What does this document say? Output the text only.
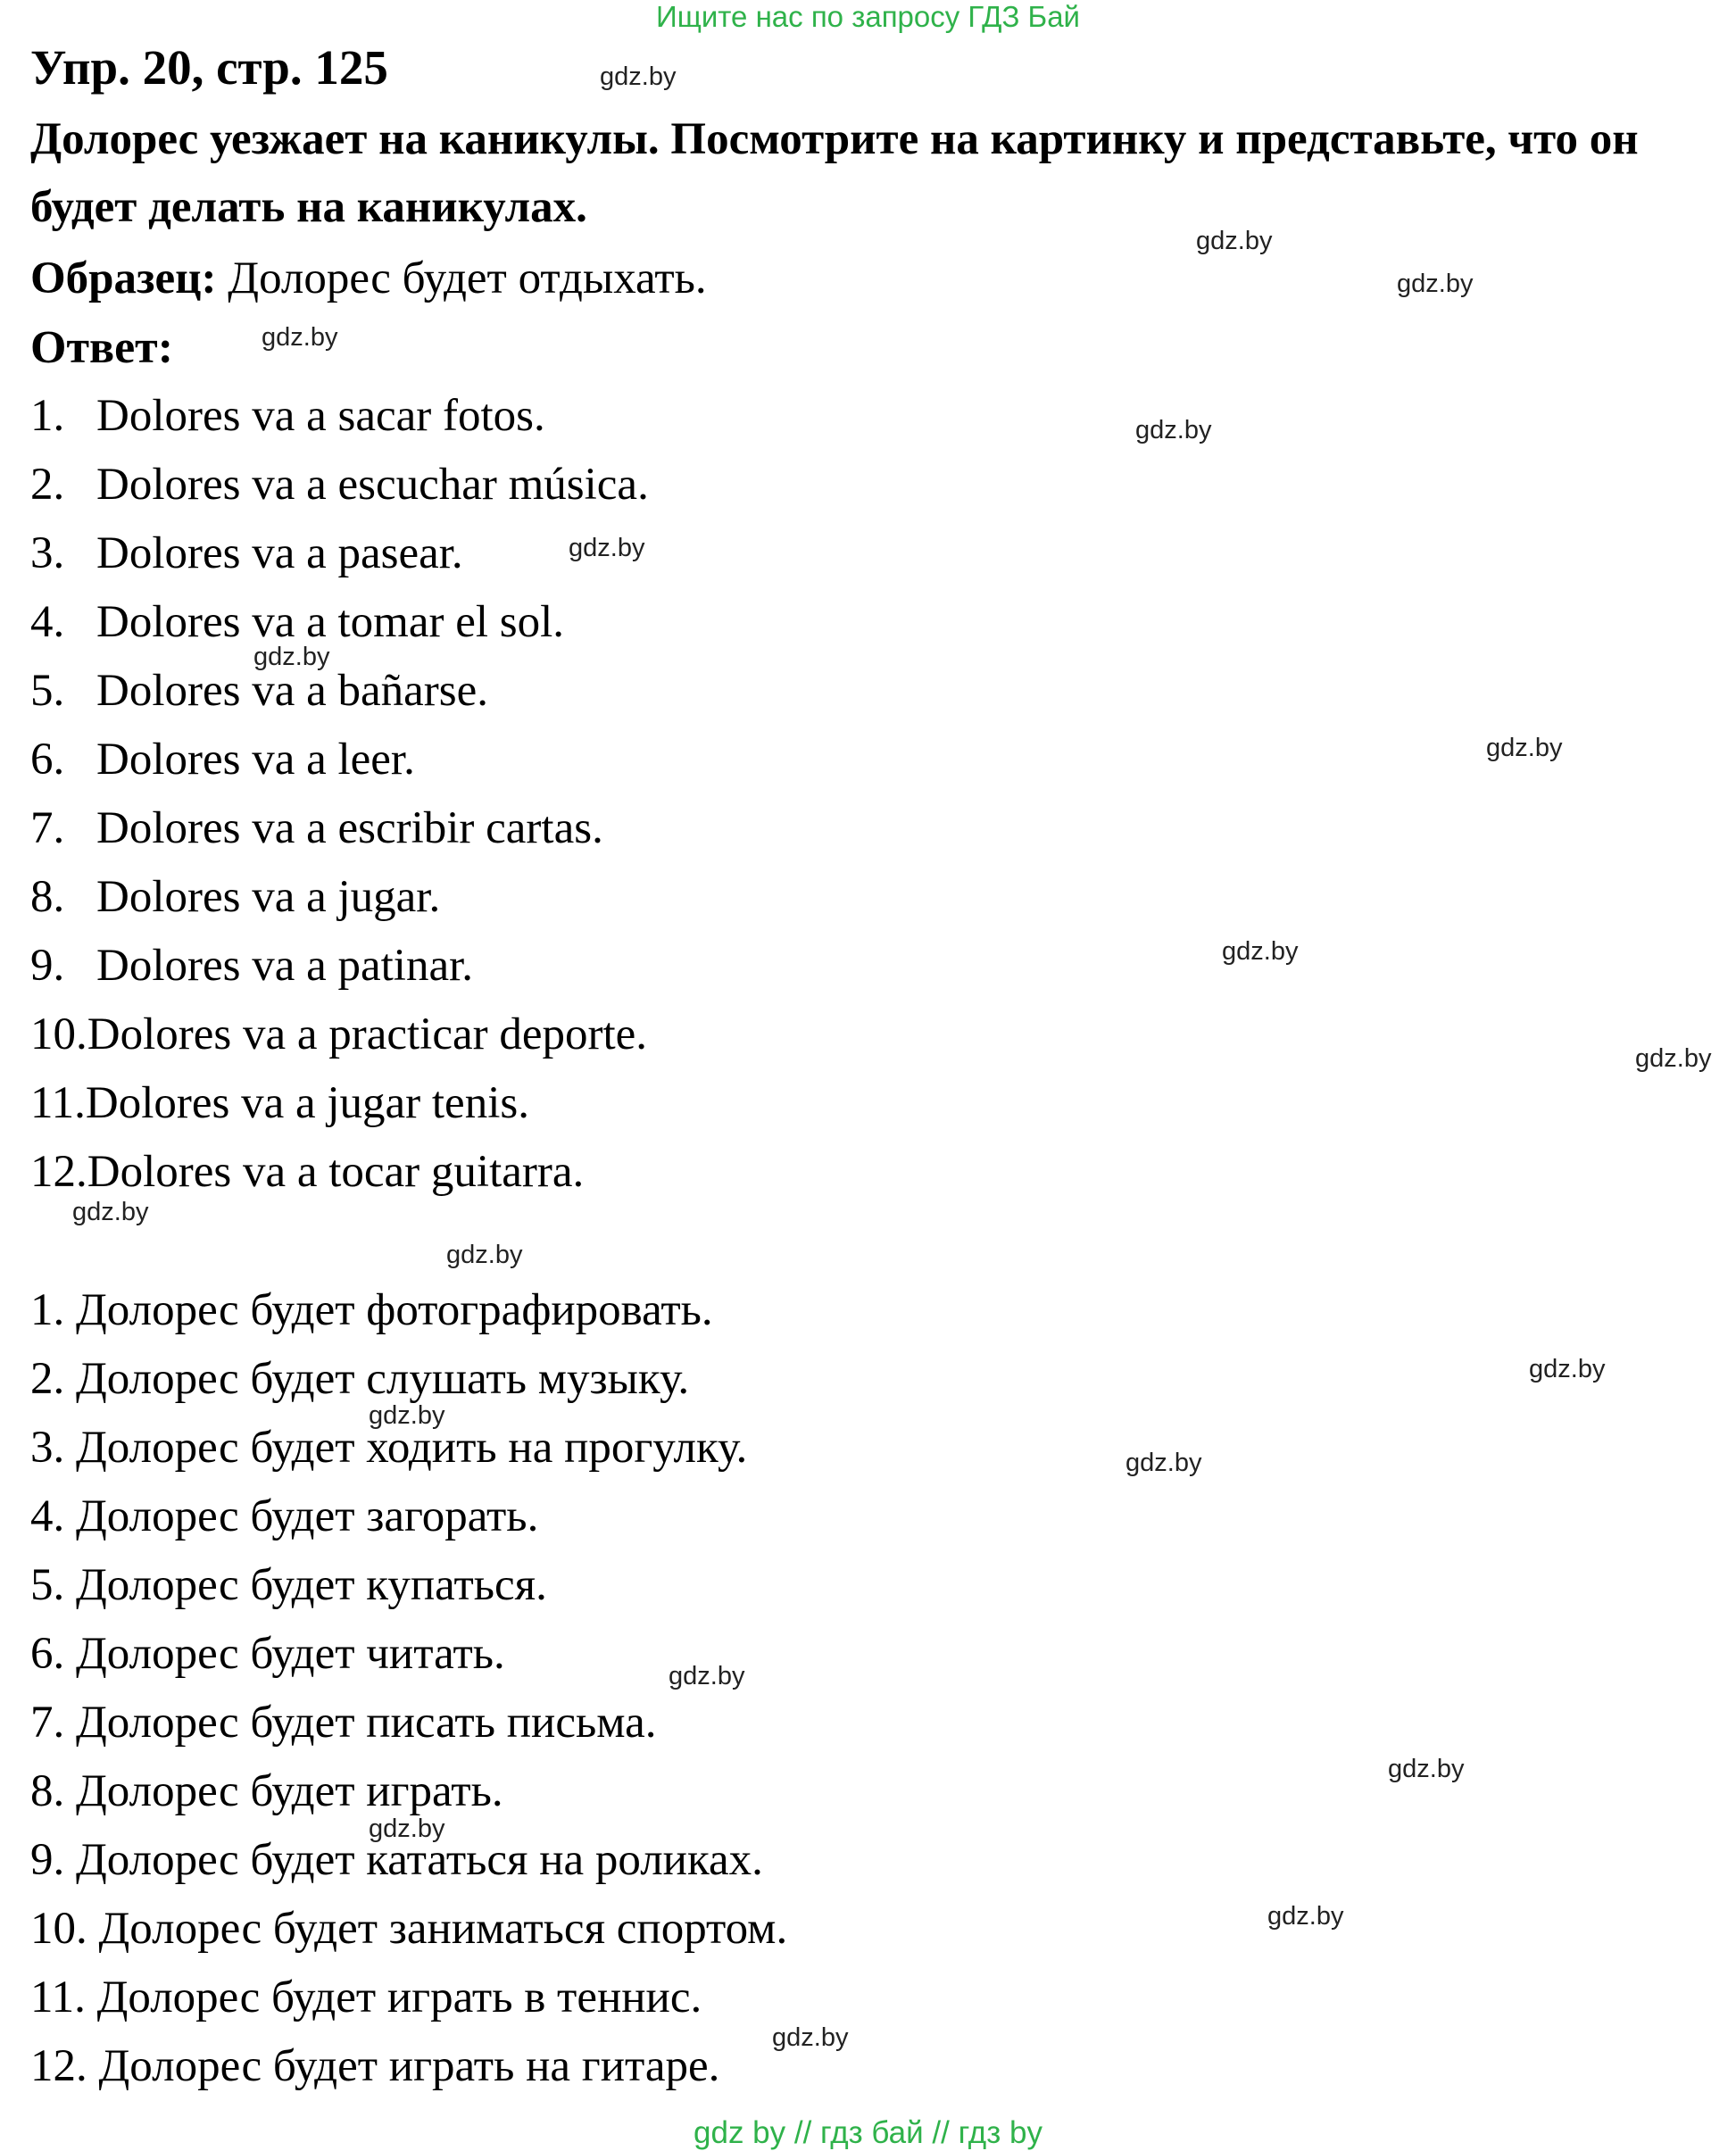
Ищите нас по запросу ГДЗ Бай
Упр. 20, стр. 125
Долорес уезжает на каникулы. Посмотрите на картинку и представьте, что он будет делать на каникулах.
Образец: Долорес будет отдыхать.
Ответ:
1. Dolores va a sacar fotos.
2. Dolores va a escuchar música.
3. Dolores va a pasear.
4. Dolores va a tomar el sol.
5. Dolores va a bañarse.
6. Dolores va a leer.
7. Dolores va a escribir cartas.
8. Dolores va a jugar.
9. Dolores va a patinar.
10.Dolores va a practicar deporte.
11.Dolores va a jugar tenis.
12.Dolores va a tocar guitarra.
1. Долорес будет фотографировать.
2. Долорес будет слушать музыку.
3. Долорес будет ходить на прогулку.
4. Долорес будет загорать.
5. Долорес будет купаться.
6. Долорес будет читать.
7. Долорес будет писать письма.
8. Долорес будет играть.
9. Долорес будет кататься на роликах.
10. Долорес будет заниматься спортом.
11. Долорес будет играть в теннис.
12. Долорес будет играть на гитаре.
gdz.by
gdz.by
gdz.by
gdz.by
gdz.by
gdz.by
gdz.by
gdz.by
gdz.by
gdz.by
gdz.by
gdz.by
gdz.by
gdz.by
gdz.by
gdz.by
gdz.by
gdz.by
gdz.by
gdz.by
gdz by // гдз бай // гдз by
